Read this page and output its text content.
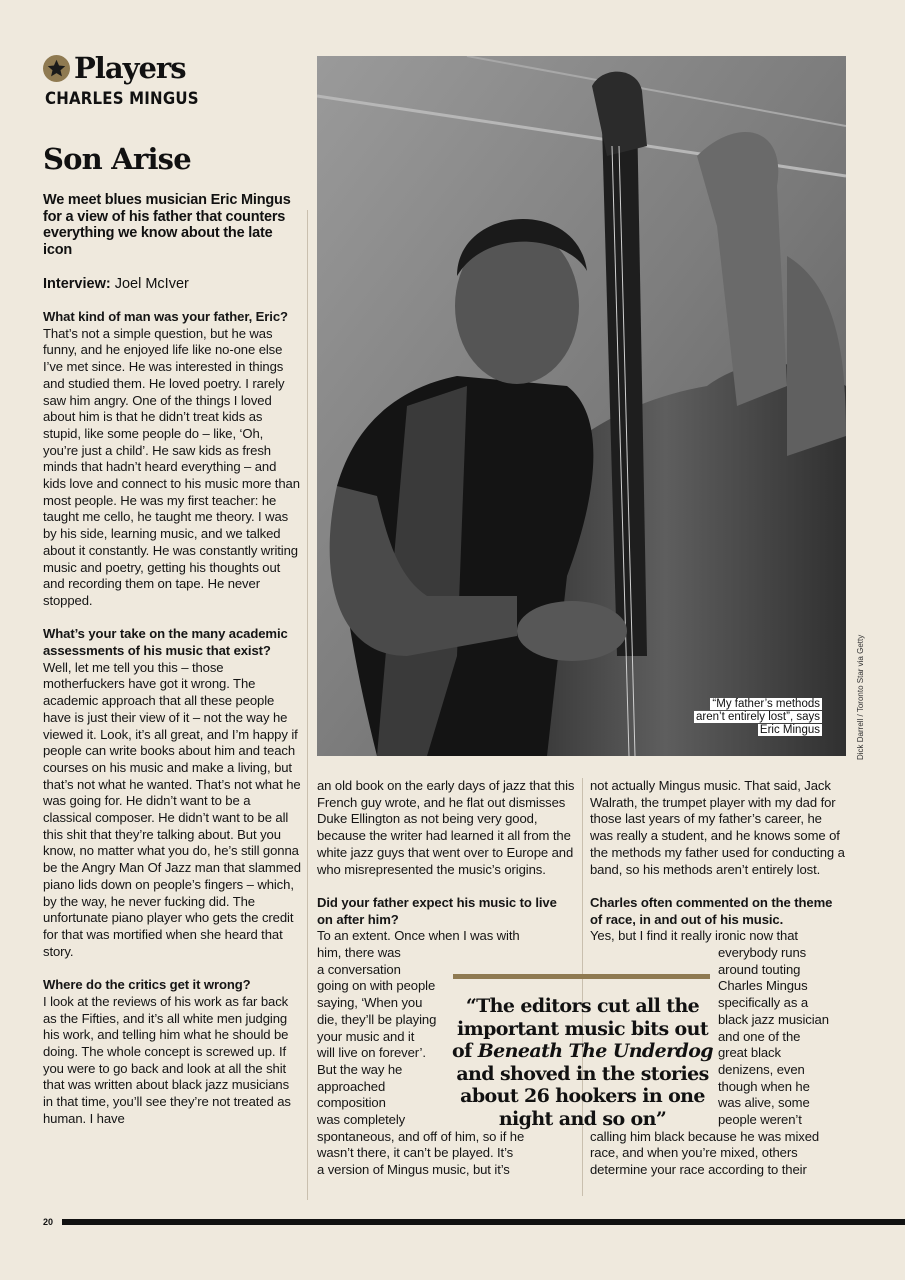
Players
CHARLES MINGUS
Son Arise
We meet blues musician Eric Mingus for a view of his father that counters everything we know about the late icon
Interview: Joel McIver

What kind of man was your father, Eric?

That’s not a simple question, but he was funny, and he enjoyed life like no-one else I’ve met since. He was interested in things and studied them. He loved poetry. I rarely saw him angry. One of the things I loved about him is that he didn’t treat kids as stupid, like some people do – like, ‘Oh, you’re just a child’. He saw kids as fresh minds that hadn’t heard everything – and kids love and connect to his music more than most people. He was my first teacher: he taught me cello, he taught me theory. I was by his side, learning music, and we talked about it constantly. He was constantly writing music and poetry, getting his thoughts out and recording them on tape. He never stopped.

What’s your take on the many academic assessments of his music that exist?

Well, let me tell you this – those motherfuckers have got it wrong. The academic approach that all these people have is just their view of it – not the way he viewed it. Look, it’s all great, and I’m happy if people can write books about him and teach courses on his music and make a living, but that’s not what he wanted. That’s not what he was going for. He didn’t want to be a classical composer. He didn’t want to be all this shit that they’re talking about. But you know, no matter what you do, he’s still gonna be the Angry Man Of Jazz man that slammed piano lids down on people’s fingers – which, by the way, he never fucking did. The unfortunate piano player who gets the credit for that was mortified when she heard that story.

Where do the critics get it wrong?

I look at the reviews of his work as far back as the Fifties, and it’s all white men judging his work, and telling him what he should be doing. The whole concept is screwed up. If you were to go back and look at all the shit that was written about black jazz musicians in that time, you’ll see they’re not treated as human. I have

“My father’s methods
aren’t entirely lost”, says
Eric Mingus	Dick Darrell / Toronto Star via Getty

an old book on the early days of jazz that this French guy wrote, and he flat out dismisses Duke Ellington as not being very good, because the writer had learned it all from the white jazz guys that went over to Europe and who misrepresented the music’s origins.

Did your father expect his music to live on after him?

To an extent. Once when I was with

him, there was

a conversation

going on with people

saying, ‘When you

die, they’ll be playing

your music and it

will live on forever’.

But the way he

approached

composition

was completely

spontaneous, and off of him, so if he

wasn’t there, it can’t be played. It’s

a version of Mingus music, but it’s

not actually Mingus music. That said, Jack Walrath, the trumpet player with my dad for those last years of my father’s career, he was really a student, and he knows some of the methods my father used for conducting a band, so his methods aren’t entirely lost.

Charles often commented on the theme of race, in and out of his music.

Yes, but I find it really ironic now that

everybody runs

around touting

Charles Mingus

specifically as a

black jazz musician

and one of the

great black

denizens, even

though when he

was alive, some

people weren’t

calling him black because he was mixed

race, and when you’re mixed, others

determine your race according to their

“The editors cut all the important music bits out of Beneath The Underdog and shoved in the stories about 26 hookers in one night and so on”
20
